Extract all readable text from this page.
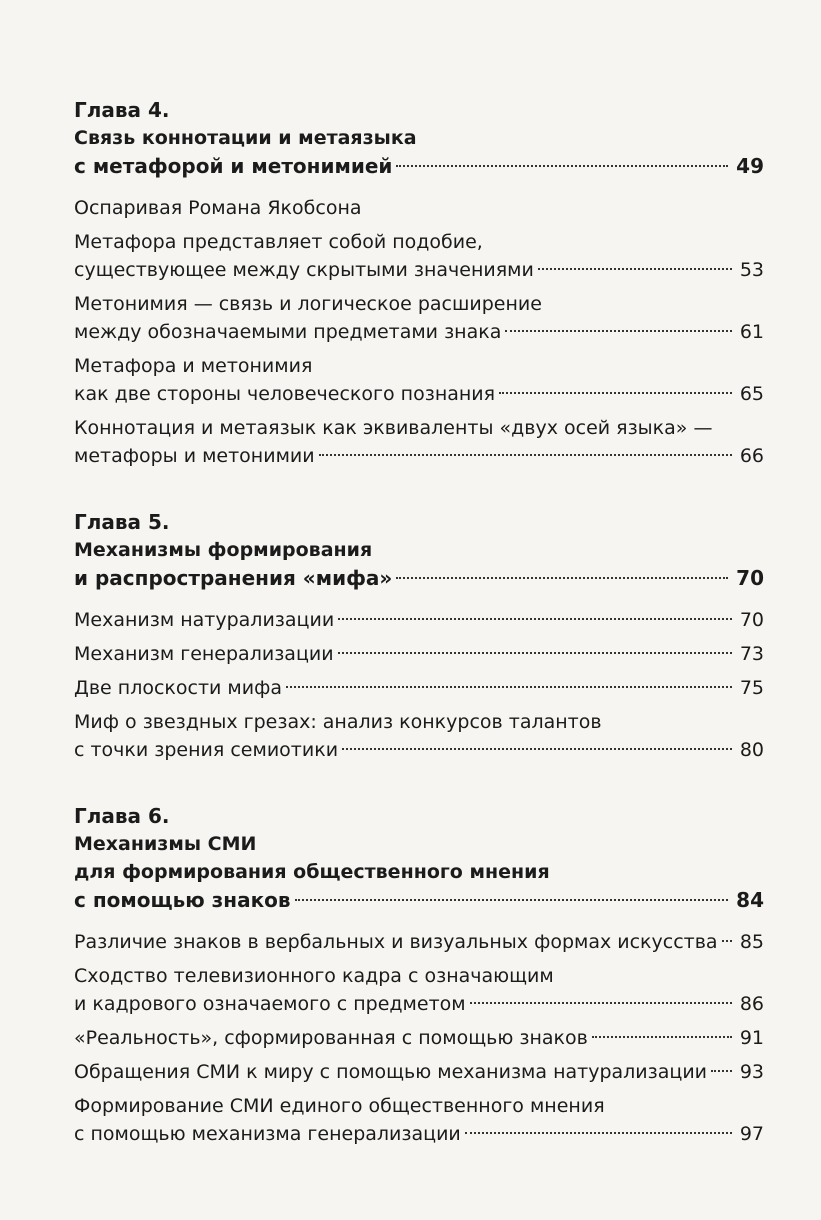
Глава 4.
Связь коннотации и метаязыка
с метафорой и метонимией	49
Оспаривая Романа Якобсона
Метафора представляет собой подобие,
существующее между скрытыми значениями	53
Метонимия — связь и логическое расширение
между обозначаемыми предметами знака	61
Метафора и метонимия
как две стороны человеческого познания	65
Коннотация и метаязык как эквиваленты «двух осей языка» —
метафоры и метонимии	66
Глава 5.
Механизмы формирования
и распространения «мифа»	70
Механизм натурализации	70
Механизм генерализации	73
Две плоскости мифа	75
Миф о звездных грезах: анализ конкурсов талантов
с точки зрения семиотики	80
Глава 6.
Механизмы СМИ
для формирования общественного мнения
с помощью знаков	84
Различие знаков в вербальных и визуальных формах искусства 85
Сходство телевизионного кадра с означающим
и кадрового означаемого с предметом	86
«Реальность», сформированная с помощью знаков	91
Обращения СМИ к миру с помощью механизма натурализации 93
Формирование СМИ единого общественного мнения
с помощью механизма генерализации	97
